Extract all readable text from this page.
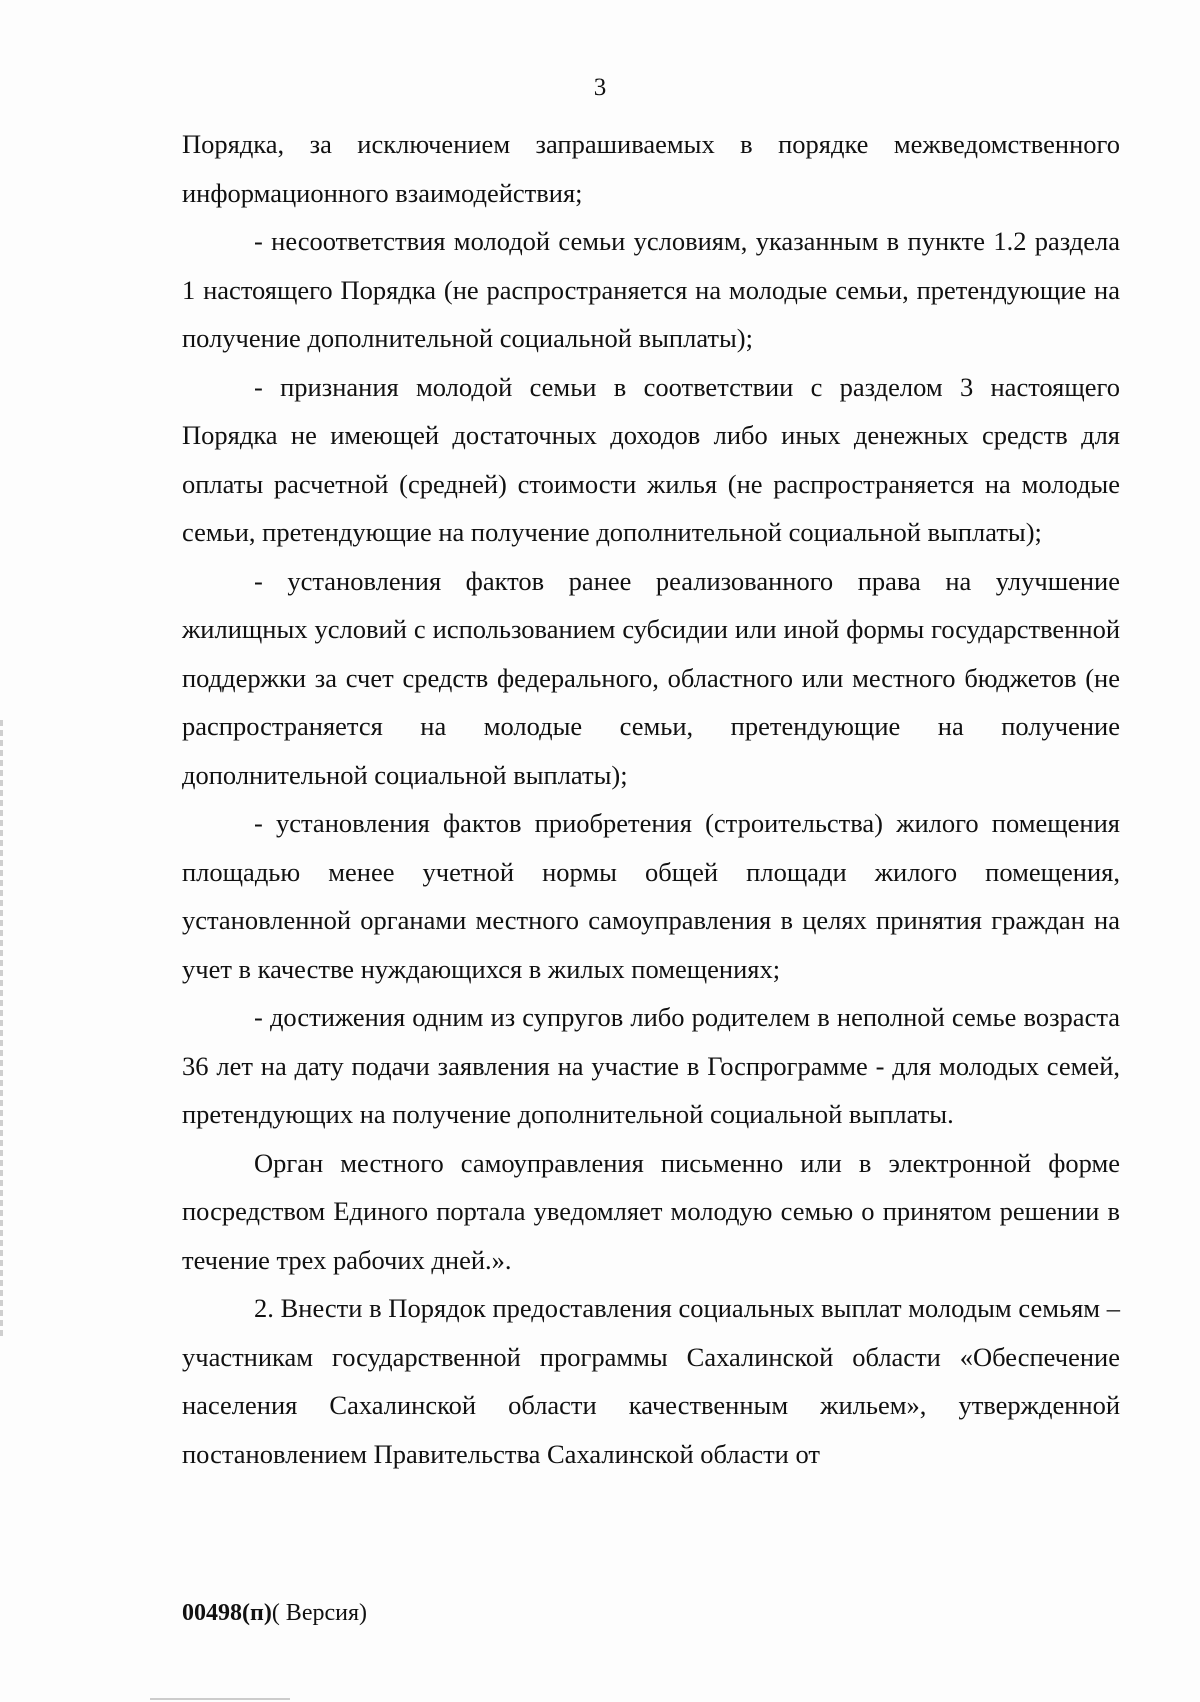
3

Порядка, за исключением запрашиваемых в порядке межведомственного информационного взаимодействия;

- несоответствия молодой семьи условиям, указанным в пункте 1.2 раздела 1 настоящего Порядка (не распространяется на молодые семьи, претендующие на получение дополнительной социальной выплаты);

- признания молодой семьи в соответствии с разделом 3 настоящего Порядка не имеющей достаточных доходов либо иных денежных средств для оплаты расчетной (средней) стоимости жилья (не распространяется на молодые семьи, претендующие на получение дополнительной социальной выплаты);

- установления фактов ранее реализованного права на улучшение жилищных условий с использованием субсидии или иной формы государственной поддержки за счет средств федерального, областного или местного бюджетов (не распространяется на молодые семьи, претендующие на получение дополнительной социальной выплаты);

- установления фактов приобретения (строительства) жилого помещения площадью менее учетной нормы общей площади жилого помещения, установленной органами местного самоуправления в целях принятия граждан на учет в качестве нуждающихся в жилых помещениях;

- достижения одним из супругов либо родителем в неполной семье возраста 36 лет на дату подачи заявления на участие в Госпрограмме - для молодых семей, претендующих на получение дополнительной социальной выплаты.

Орган местного самоуправления письменно или в электронной форме посредством Единого портала уведомляет молодую семью о принятом решении в течение трех рабочих дней.».

2. Внести в Порядок предоставления социальных выплат молодым семьям – участникам государственной программы Сахалинской области «Обеспечение населения Сахалинской области качественным жильем», утвержденной постановлением Правительства Сахалинской области от

00498(п)( Версия)
